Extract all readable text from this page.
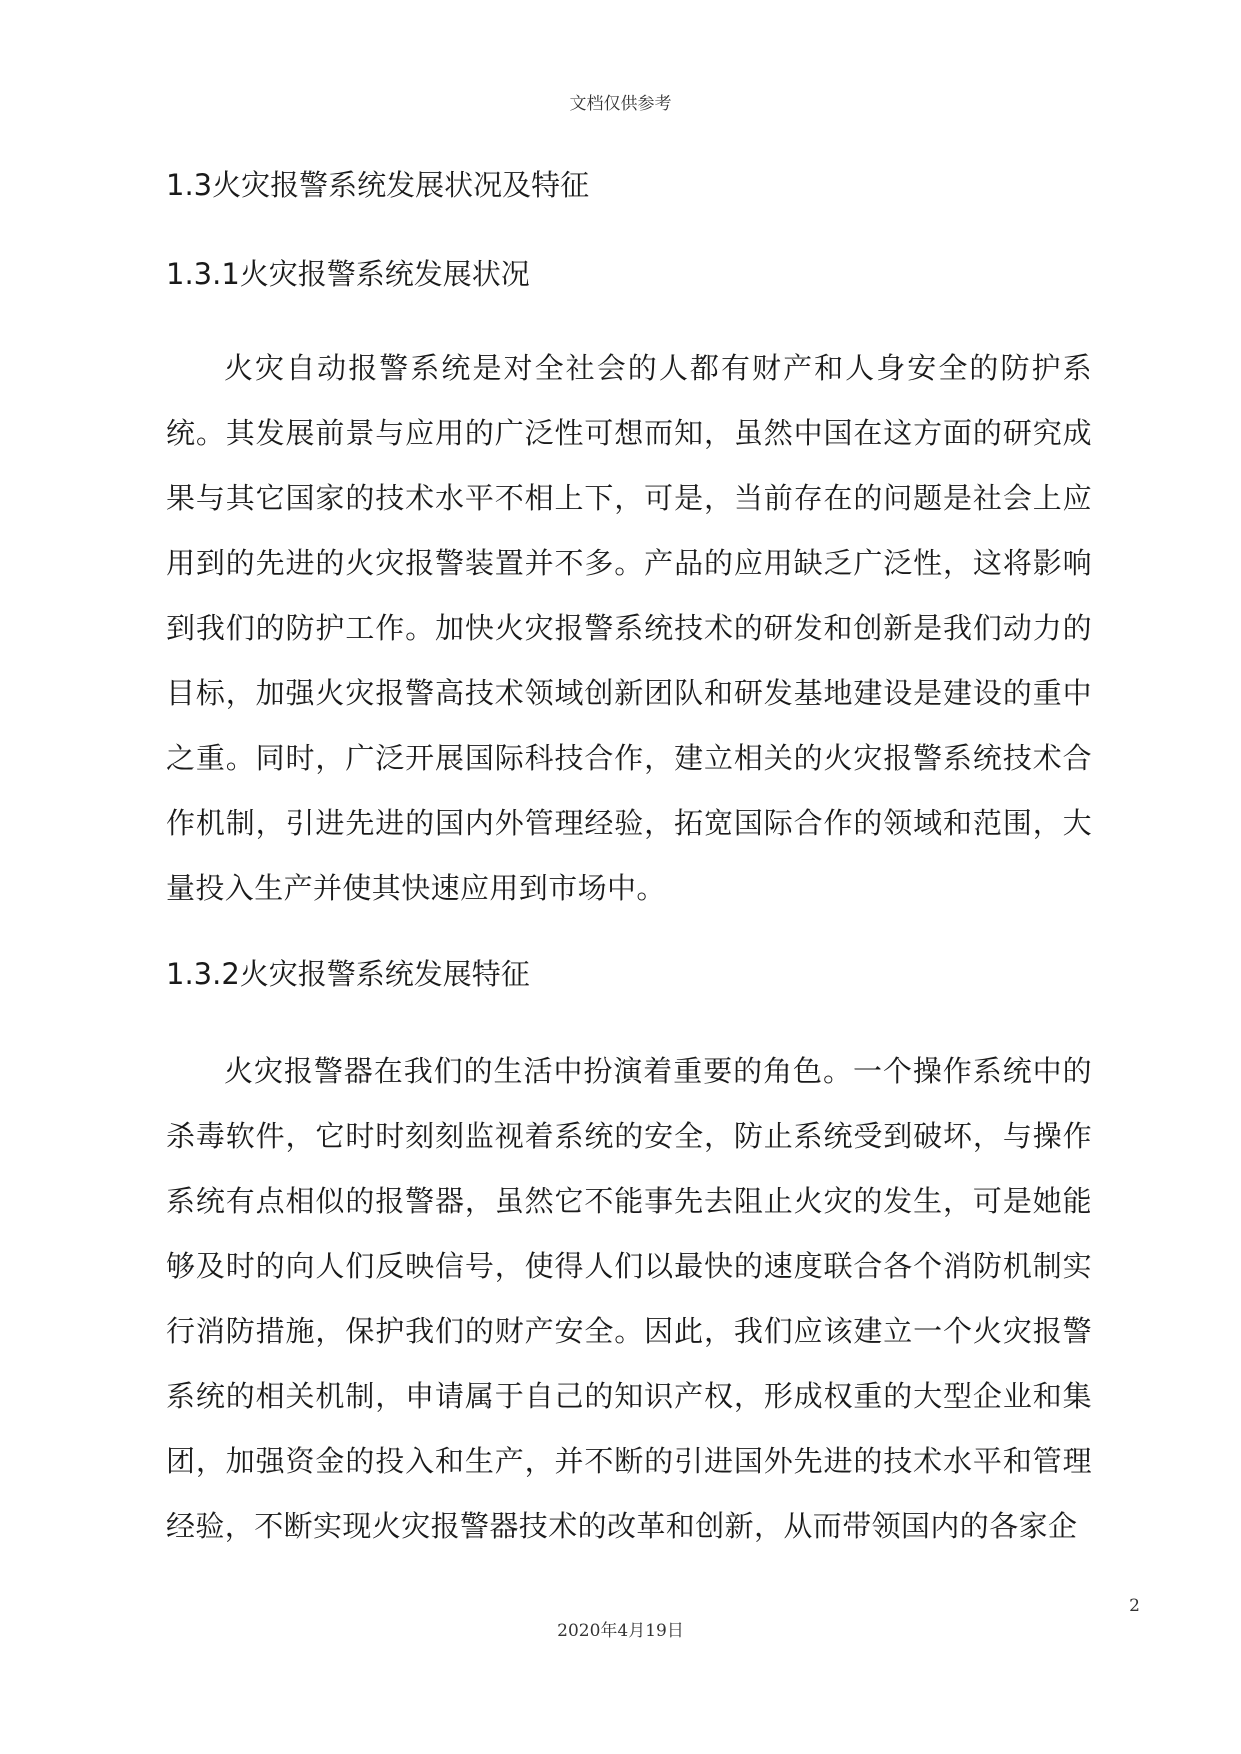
文档仅供参考
1.3火灾报警系统发展状况及特征
1.3.1火灾报警系统发展状况

火灾自动报警系统是对全社会的人都有财产和人身安全的防护系统。其发展前景与应用的广泛性可想而知，虽然中国在这方面的研究成果与其它国家的技术水平不相上下，可是，当前存在的问题是社会上应用到的先进的火灾报警装置并不多。产品的应用缺乏广泛性，这将影响到我们的防护工作。加快火灾报警系统技术的研发和创新是我们动力的目标，加强火灾报警高技术领域创新团队和研发基地建设是建设的重中之重。同时，广泛开展国际科技合作，建立相关的火灾报警系统技术合作机制，引进先进的国内外管理经验，拓宽国际合作的领域和范围，大量投入生产并使其快速应用到市场中。

1.3.2火灾报警系统发展特征

火灾报警器在我们的生活中扮演着重要的角色。一个操作系统中的杀毒软件，它时时刻刻监视着系统的安全，防止系统受到破坏，与操作系统有点相似的报警器，虽然它不能事先去阻止火灾的发生，可是她能够及时的向人们反映信号，使得人们以最快的速度联合各个消防机制实行消防措施，保护我们的财产安全。因此，我们应该建立一个火灾报警系统的相关机制，申请属于自己的知识产权，形成权重的大型企业和集团，加强资金的投入和生产，并不断的引进国外先进的技术水平和管理经验，不断实现火灾报警器技术的改革和创新，从而带领国内的各家企

2
2020年4月19日
